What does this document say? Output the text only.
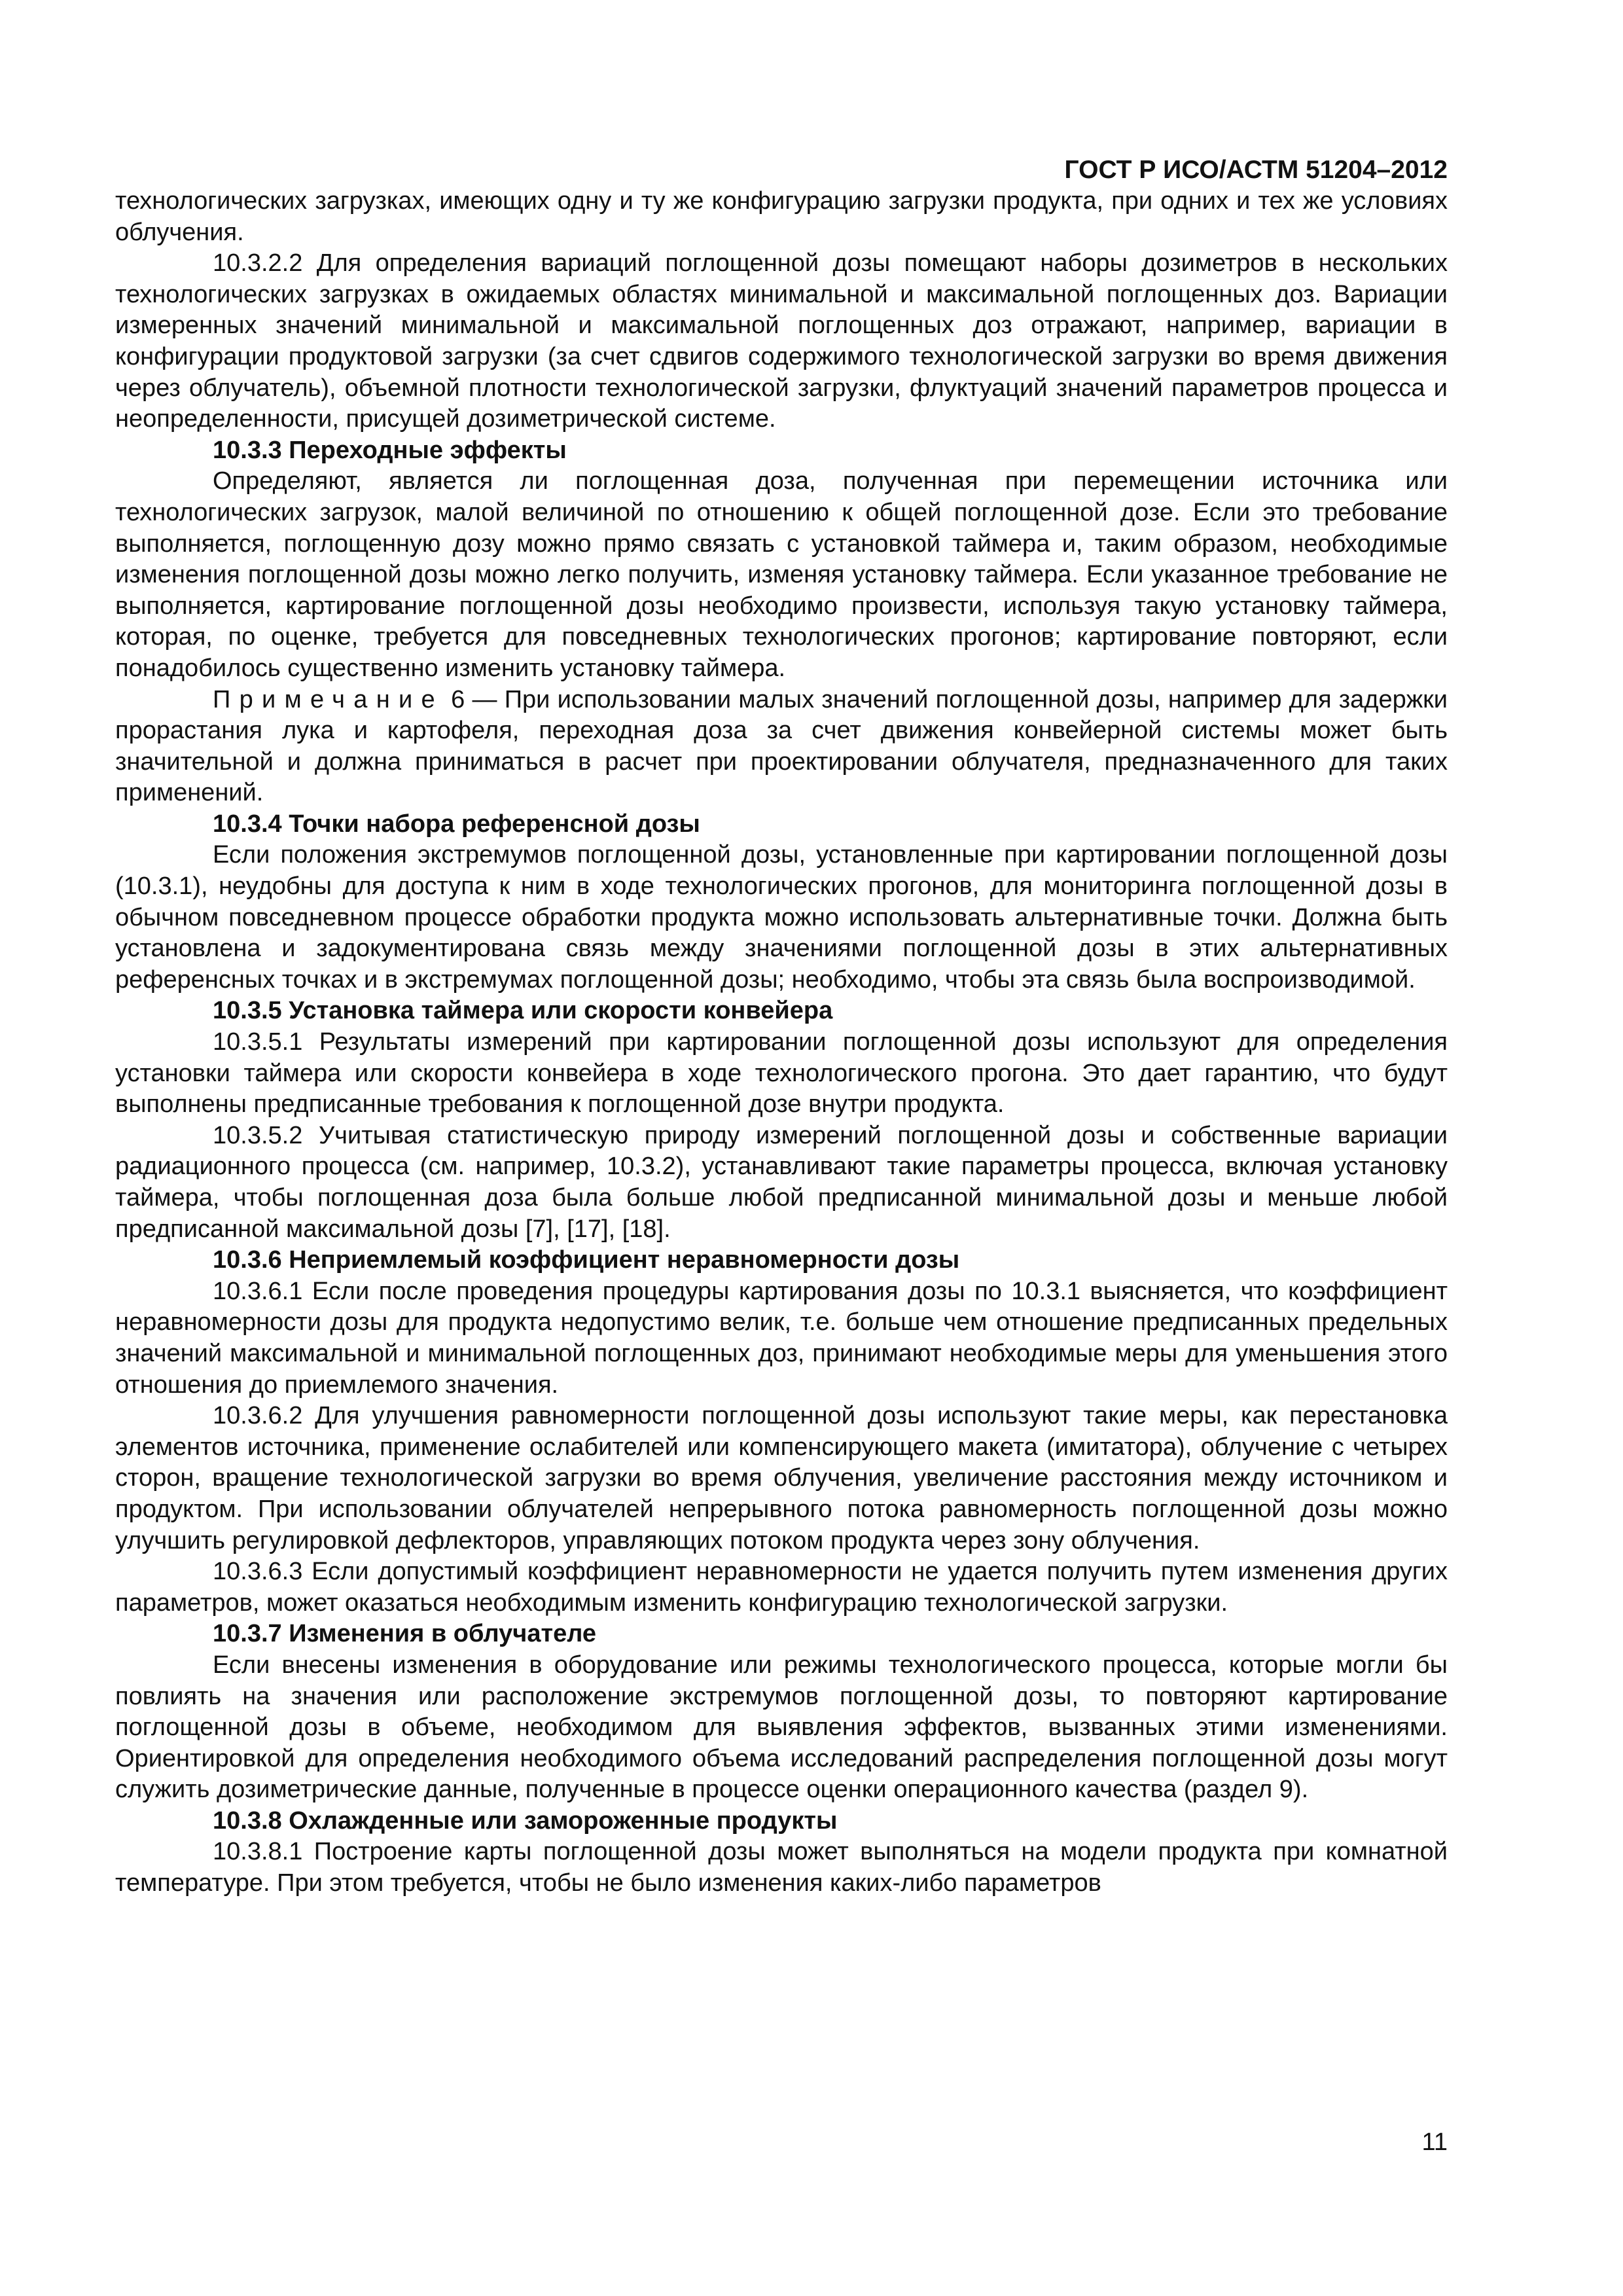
ГОСТ Р ИСО/АСТМ 51204–2012

технологических загрузках, имеющих одну и ту же конфигурацию загрузки продукта, при одних и тех же условиях облучения.

10.3.2.2 Для определения вариаций поглощенной дозы помещают наборы дозиметров в нескольких технологических загрузках в ожидаемых областях минимальной и максимальной поглощенных доз. Вариации измеренных значений минимальной и максимальной поглощенных доз отражают, например, вариации в конфигурации продуктовой загрузки (за счет сдвигов содержимого технологической загрузки во время движения через облучатель), объемной плотности технологической загрузки, флуктуаций значений параметров процесса и неопределенности, присущей дозиметрической системе.

10.3.3 Переходные эффекты

Определяют, является ли поглощенная доза, полученная при перемещении источника или технологических загрузок, малой величиной по отношению к общей поглощенной дозе. Если это требование выполняется, поглощенную дозу можно прямо связать с установкой таймера и, таким образом, необходимые изменения поглощенной дозы можно легко получить, изменяя установку таймера. Если указанное требование не выполняется, картирование поглощенной дозы необходимо произвести, используя такую установку таймера, которая, по оценке, требуется для повседневных технологических прогонов; картирование повторяют, если понадобилось существенно изменить установку таймера.

Примечание 6 — При использовании малых значений поглощенной дозы, например для задержки прорастания лука и картофеля, переходная доза за счет движения конвейерной системы может быть значительной и должна приниматься в расчет при проектировании облучателя, предназначенного для таких применений.

10.3.4 Точки набора референсной дозы

Если положения экстремумов поглощенной дозы, установленные при картировании поглощенной дозы (10.3.1), неудобны для доступа к ним в ходе технологических прогонов, для мониторинга поглощенной дозы в обычном повседневном процессе обработки продукта можно использовать альтернативные точки. Должна быть установлена и задокументирована связь между значениями поглощенной дозы в этих альтернативных референсных точках и в экстремумах поглощенной дозы; необходимо, чтобы эта связь была воспроизводимой.

10.3.5 Установка таймера или скорости конвейера

10.3.5.1 Результаты измерений при картировании поглощенной дозы используют для определения установки таймера или скорости конвейера в ходе технологического прогона. Это дает гарантию, что будут выполнены предписанные требования к поглощенной дозе внутри продукта.

10.3.5.2 Учитывая статистическую природу измерений поглощенной дозы и собственные вариации радиационного процесса (см. например, 10.3.2), устанавливают такие параметры процесса, включая установку таймера, чтобы поглощенная доза была больше любой предписанной минимальной дозы и меньше любой предписанной максимальной дозы [7], [17], [18].

10.3.6 Неприемлемый коэффициент неравномерности дозы

10.3.6.1 Если после проведения процедуры картирования дозы по 10.3.1 выясняется, что коэффициент неравномерности дозы для продукта недопустимо велик, т.е. больше чем отношение предписанных предельных значений максимальной и минимальной поглощенных доз, принимают необходимые меры для уменьшения этого отношения до приемлемого значения.

10.3.6.2 Для улучшения равномерности поглощенной дозы используют такие меры, как перестановка элементов источника, применение ослабителей или компенсирующего макета (имитатора), облучение с четырех сторон, вращение технологической загрузки во время облучения, увеличение расстояния между источником и продуктом. При использовании облучателей непрерывного потока равномерность поглощенной дозы можно улучшить регулировкой дефлекторов, управляющих потоком продукта через зону облучения.

10.3.6.3 Если допустимый коэффициент неравномерности не удается получить путем изменения других параметров, может оказаться необходимым изменить конфигурацию технологической загрузки.

10.3.7 Изменения в облучателе

Если внесены изменения в оборудование или режимы технологического процесса, которые могли бы повлиять на значения или расположение экстремумов поглощенной дозы, то повторяют картирование поглощенной дозы в объеме, необходимом для выявления эффектов, вызванных этими изменениями. Ориентировкой для определения необходимого объема исследований распределения поглощенной дозы могут служить дозиметрические данные, полученные в процессе оценки операционного качества (раздел 9).

10.3.8 Охлажденные или замороженные продукты

10.3.8.1 Построение карты поглощенной дозы может выполняться на модели продукта при комнатной температуре. При этом требуется, чтобы не было изменения каких-либо параметров

11
